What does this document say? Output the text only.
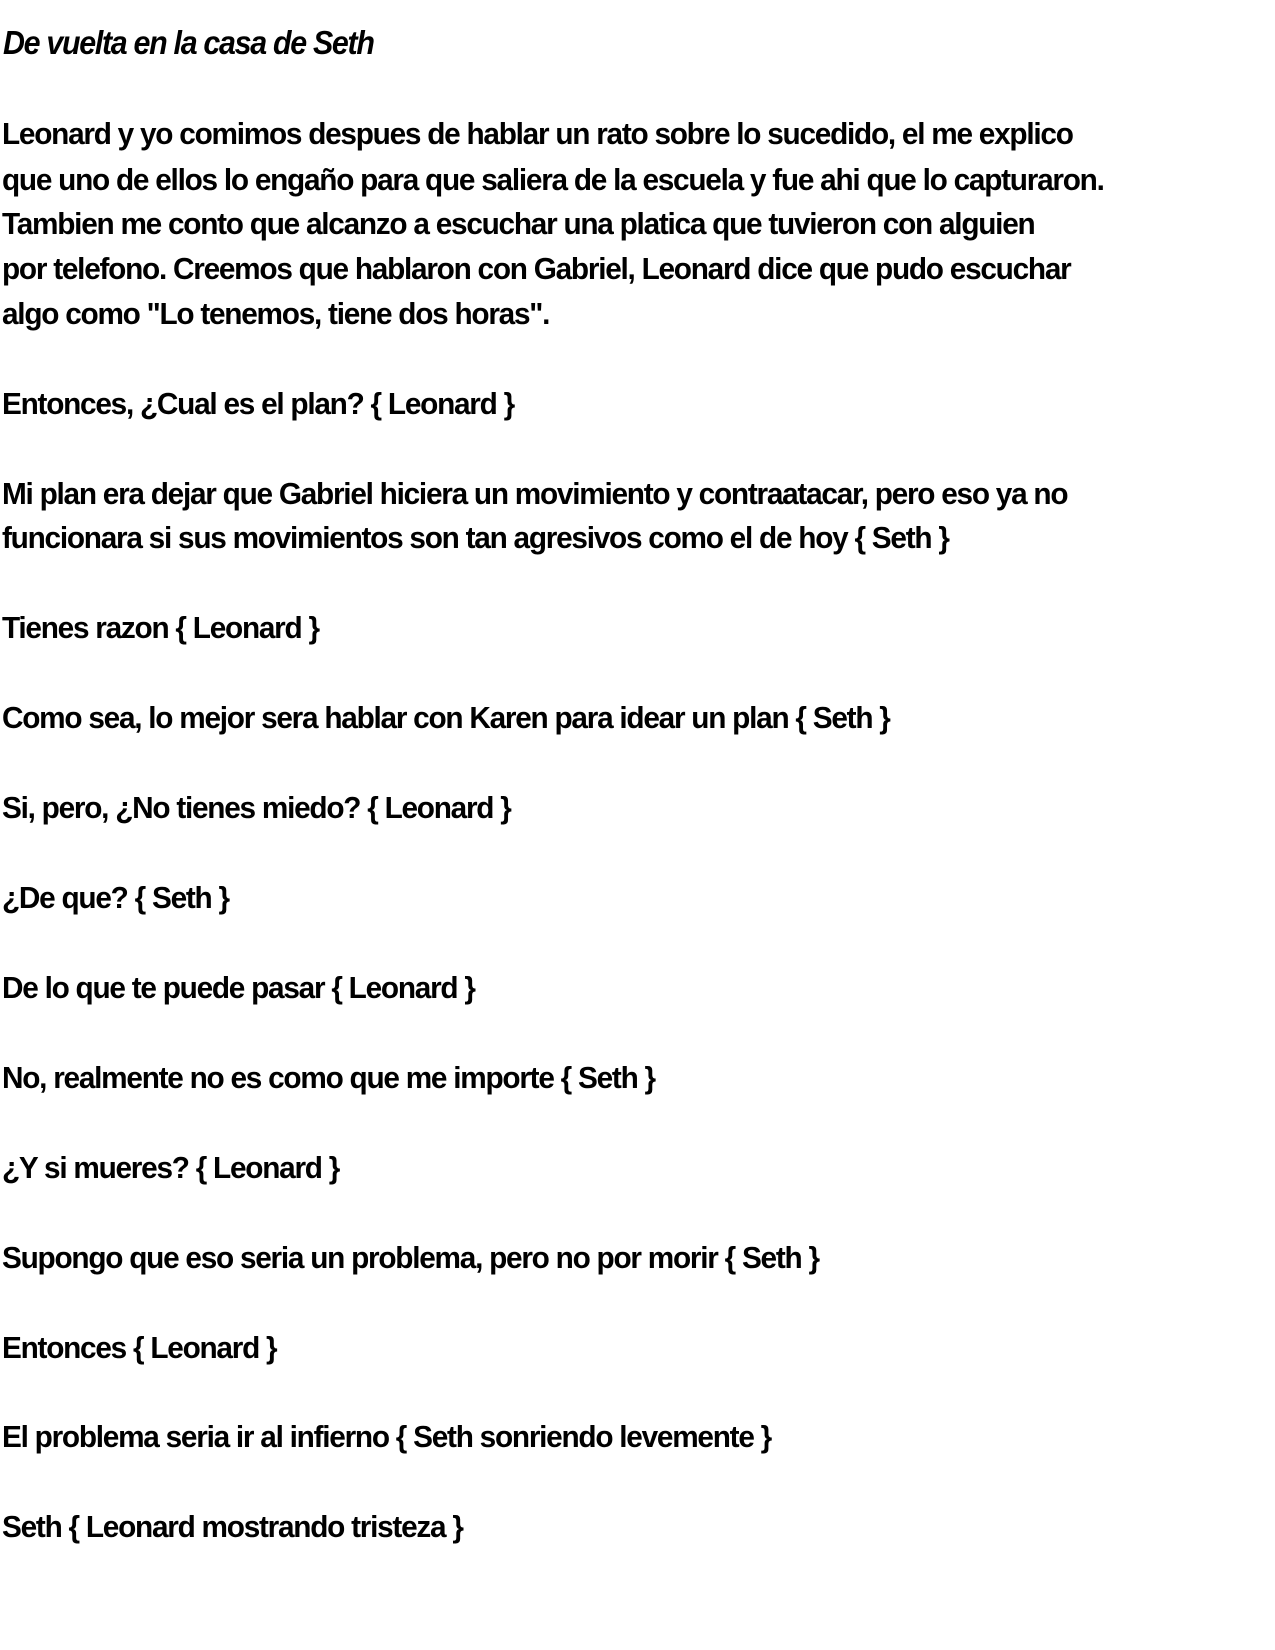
De vuelta en la casa de Seth

Leonard y yo comimos despues de hablar un rato sobre lo sucedido, el me explico

que uno de ellos lo engaño para que saliera de la escuela y fue ahi que lo capturaron.

Tambien me conto que alcanzo a escuchar una platica que tuvieron con alguien

por telefono. Creemos que hablaron con Gabriel, Leonard dice que pudo escuchar

algo como "Lo tenemos, tiene dos horas".

Entonces, ¿Cual es el plan? { Leonard }

Mi plan era dejar que Gabriel hiciera un movimiento y contraatacar, pero eso ya no

funcionara si sus movimientos son tan agresivos como el de hoy { Seth }

Tienes razon { Leonard }

Como sea, lo mejor sera hablar con Karen para idear un plan { Seth }

Si, pero, ¿No tienes miedo? { Leonard }

¿De que? { Seth }

De lo que te puede pasar { Leonard }

No, realmente no es como que me importe { Seth }

¿Y si mueres? { Leonard }

Supongo que eso seria un problema, pero no por morir { Seth }

Entonces { Leonard }

El problema seria ir al infierno { Seth sonriendo levemente }

Seth { Leonard mostrando tristeza }
